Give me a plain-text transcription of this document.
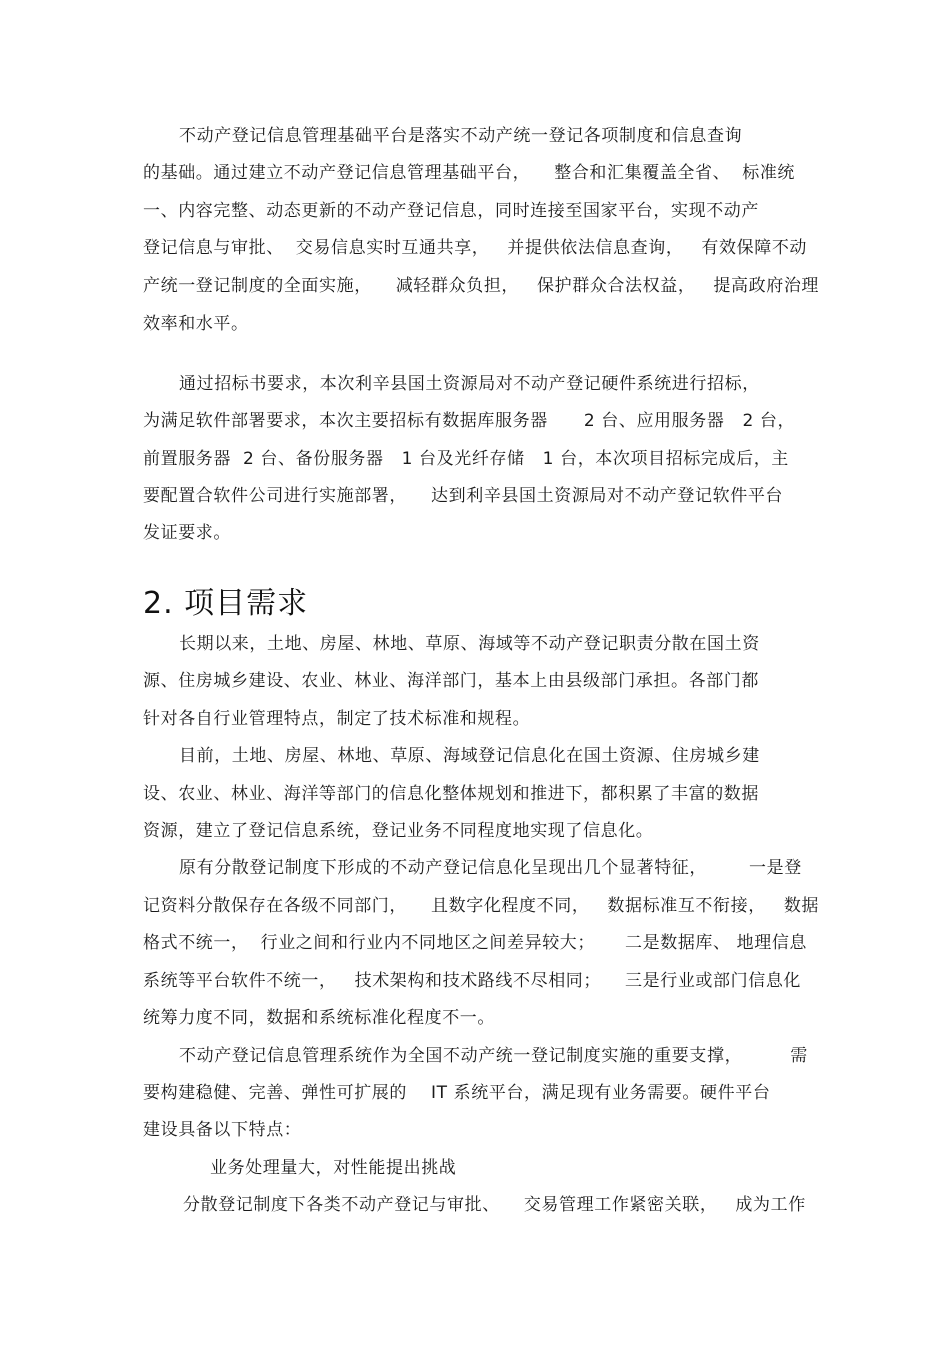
不动产登记信息管理基础平台是落实不动产统一登记各项制度和信息查询
的基础。通过建立不动产登记信息管理基础平台，    整合和汇集覆盖全省、  标准统
一、内容完整、动态更新的不动产登记信息，同时连接至国家平台，实现不动产
登记信息与审批、  交易信息实时互通共享，   并提供依法信息查询，   有效保障不动
产统一登记制度的全面实施，    减轻群众负担，   保护群众合法权益，   提高政府治理
效率和水平。
通过招标书要求，本次利辛县国土资源局对不动产登记硬件系统进行招标，
为满足软件部署要求，本次主要招标有数据库服务器      2 台、应用服务器   2 台，
前置服务器  2 台、备份服务器   1 台及光纤存储   1 台，本次项目招标完成后，主
要配置合软件公司进行实施部署，    达到利辛县国土资源局对不动产登记软件平台
发证要求。
2. 项目需求
长期以来，土地、房屋、林地、草原、海域等不动产登记职责分散在国土资
源、住房城乡建设、农业、林业、海洋部门，基本上由县级部门承担。各部门都
针对各自行业管理特点，制定了技术标准和规程。
目前，土地、房屋、林地、草原、海域登记信息化在国土资源、住房城乡建
设、农业、林业、海洋等部门的信息化整体规划和推进下，都积累了丰富的数据
资源，建立了登记信息系统，登记业务不同程度地实现了信息化。
原有分散登记制度下形成的不动产登记信息化呈现出几个显著特征，       一是登
记资料分散保存在各级不同部门，    且数字化程度不同，   数据标准互不衔接，   数据
格式不统一，  行业之间和行业内不同地区之间差异较大；     二是数据库、 地理信息
系统等平台软件不统一，   技术架构和技术路线不尽相同；    三是行业或部门信息化
统筹力度不同，数据和系统标准化程度不一。
不动产登记信息管理系统作为全国不动产统一登记制度实施的重要支撑，        需
要构建稳健、完善、弹性可扩展的    IT 系统平台，满足现有业务需要。硬件平台
建设具备以下特点：
业务处理量大，对性能提出挑战
分散登记制度下各类不动产登记与审批、    交易管理工作紧密关联，   成为工作
